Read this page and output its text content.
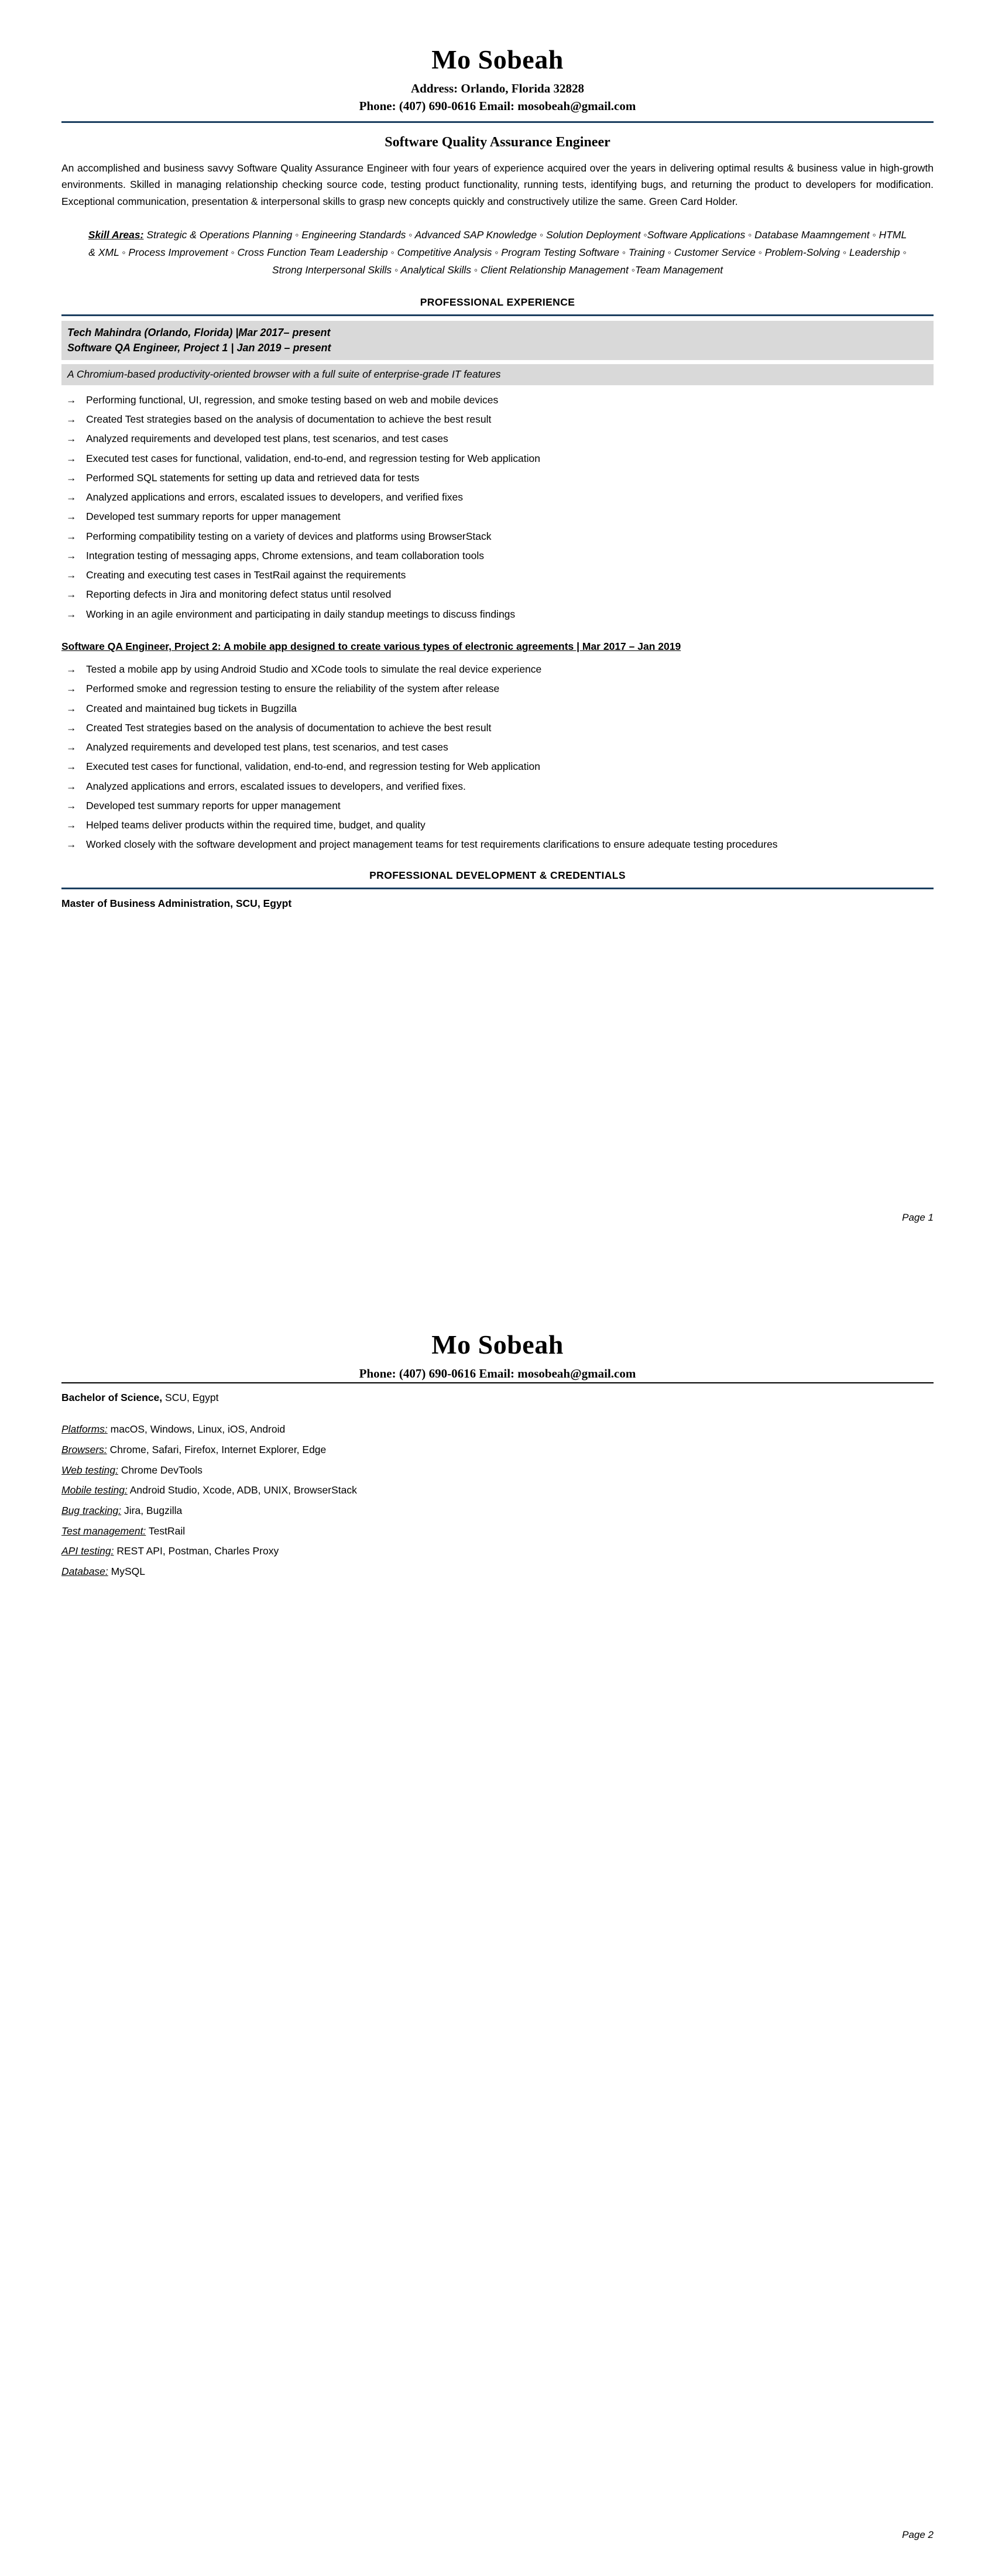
Mo Sobeah
Address: Orlando, Florida 32828
Phone: (407) 690-0616 Email: mosobeah@gmail.com
Software Quality Assurance Engineer

An accomplished and business savvy Software Quality Assurance Engineer with four years of experience acquired over the years in delivering optimal results & business value in high-growth environments. Skilled in managing relationship checking source code, testing product functionality, running tests, identifying bugs, and returning the product to developers for modification. Exceptional communication, presentation & interpersonal skills to grasp new concepts quickly and constructively utilize the same. Green Card Holder.

Skill Areas: Strategic & Operations Planning ◦ Engineering Standards ◦ Advanced SAP Knowledge ◦ Solution Deployment ◦Software Applications ◦ Database Maamngement ◦ HTML & XML ◦ Process Improvement ◦ Cross Function Team Leadership ◦ Competitive Analysis ◦ Program Testing Software ◦ Training ◦ Customer Service ◦ Problem-Solving ◦ Leadership ◦ Strong Interpersonal Skills ◦ Analytical Skills ◦ Client Relationship Management ◦Team Management
PROFESSIONAL EXPERIENCE
Tech Mahindra (Orlando, Florida) |Mar 2017– present
Software QA Engineer, Project 1 | Jan 2019 – present
A Chromium-based productivity-oriented browser with a full suite of enterprise-grade IT features
→ Performing functional, UI, regression, and smoke testing based on web and mobile devices
→ Created Test strategies based on the analysis of documentation to achieve the best result
→ Analyzed requirements and developed test plans, test scenarios, and test cases
→ Executed test cases for functional, validation, end-to-end, and regression testing for Web application
→ Performed SQL statements for setting up data and retrieved data for tests
→ Analyzed applications and errors, escalated issues to developers, and verified fixes
→ Developed test summary reports for upper management
→ Performing compatibility testing on a variety of devices and platforms using BrowserStack
→ Integration testing of messaging apps, Chrome extensions, and team collaboration tools
→ Creating and executing test cases in TestRail against the requirements
→ Reporting defects in Jira and monitoring defect status until resolved
→ Working in an agile environment and participating in daily standup meetings to discuss findings
Software QA Engineer, Project 2: A mobile app designed to create various types of electronic agreements | Mar 2017 – Jan 2019
→ Tested a mobile app by using Android Studio and XCode tools to simulate the real device experience
→ Performed smoke and regression testing to ensure the reliability of the system after release
→ Created and maintained bug tickets in Bugzilla
→ Created Test strategies based on the analysis of documentation to achieve the best result
→ Analyzed requirements and developed test plans, test scenarios, and test cases
→ Executed test cases for functional, validation, end-to-end, and regression testing for Web application
→ Analyzed applications and errors, escalated issues to developers, and verified fixes.
→ Developed test summary reports for upper management
→ Helped teams deliver products within the required time, budget, and quality
→ Worked closely with the software development and project management teams for test requirements clarifications to ensure adequate testing procedures
PROFESSIONAL DEVELOPMENT & CREDENTIALS
Master of Business Administration, SCU, Egypt
Page 1
Mo Sobeah
Phone: (407) 690-0616 Email: mosobeah@gmail.com
Bachelor of Science, SCU, Egypt
Platforms: macOS, Windows, Linux, iOS, Android
Browsers: Chrome, Safari, Firefox, Internet Explorer, Edge
Web testing: Chrome DevTools
Mobile testing: Android Studio, Xcode, ADB, UNIX, BrowserStack
Bug tracking: Jira, Bugzilla
Test management: TestRail
API testing: REST API, Postman, Charles Proxy
Database: MySQL
Page 2
